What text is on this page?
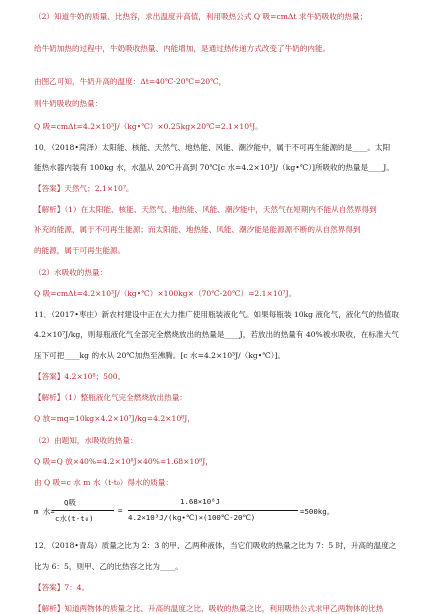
（2）知道牛奶的质量、比热容，求出温度升高值，利用吸热公式 Q 吸=cmΔt 求牛奶吸收的热量；
给牛奶加热的过程中，牛奶吸收热量、内能增加，是通过热传递方式改变了牛奶的内能。
由图乙可知，牛奶升高的温度：Δt=40℃-20℃=20℃，
则牛奶吸收的热量：
Q 吸=cmΔt=4.2×10³J/（kg•℃）×0.25kg×20℃=2.1×10⁴J。
10．（2018•菏泽）太阳能、核能、天然气、地热能、风能、潮汐能中，属于不可再生能源的是____。太阳
能热水器内装有 100kg 水，水温从 20℃升高到 70℃[c 水=4.2×10³J/（kg•℃）]所吸收的热量是____J。
【答案】天然气；2.1×10⁷。
【解析】（1）在太阳能、核能、天然气、地热能、风能、潮汐能中，天然气在短期内不能从自然界得到
补充的能源，属于不可再生能源；而太阳能、地热能、风能、潮汐能是能源源不断的从自然界得到
的能源，属于可再生能源。
（2）水吸收的热量：
Q 吸=cmΔt=4.2×10³J/（kg•℃）×100kg×（70℃-20℃）=2.1×10⁷J。
11．（2017•枣庄）新农村建设中正在大力推广使用瓶装液化气。如果每瓶装 10kg 液化气，液化气的热值取
4.2×10⁷J/kg，则每瓶液化气全部完全燃烧放出的热量是____J，若放出的热量有 40%被水吸收，在标准大气
压下可把____kg 的水从 20℃加热至沸腾。[c 水=4.2×10³J/（kg•℃）]。
【答案】4.2×10⁸；500。
【解析】（1）整瓶液化气完全燃烧放出热量：
Q 放=mq=10kg×4.2×10⁷J/kg=4.2×10⁸J，
（2）由题知，水吸收的热量：
Q 吸=Q 放×40%=4.2×10⁸J×40%=1.68×10⁸J，
由 Q 吸=c 水 m 水（t-t₀）得水的质量：
12．（2018•青岛）质量之比为 2：3 的甲、乙两种液体，当它们吸收的热量之比为 7：5 时，升高的温度之
比为 6：5，则甲、乙的比热容之比为____。
【答案】7：4。
【解析】知道两物体的质量之比、升高的温度之比、吸收的热量之比，利用吸热公式求甲乙两物体的比热
m 水=
Q吸
c水(t-t₀)
=
1.68×10⁸J
4.2×10³J/(kg•℃)×(100℃-20℃)
=500kg。
